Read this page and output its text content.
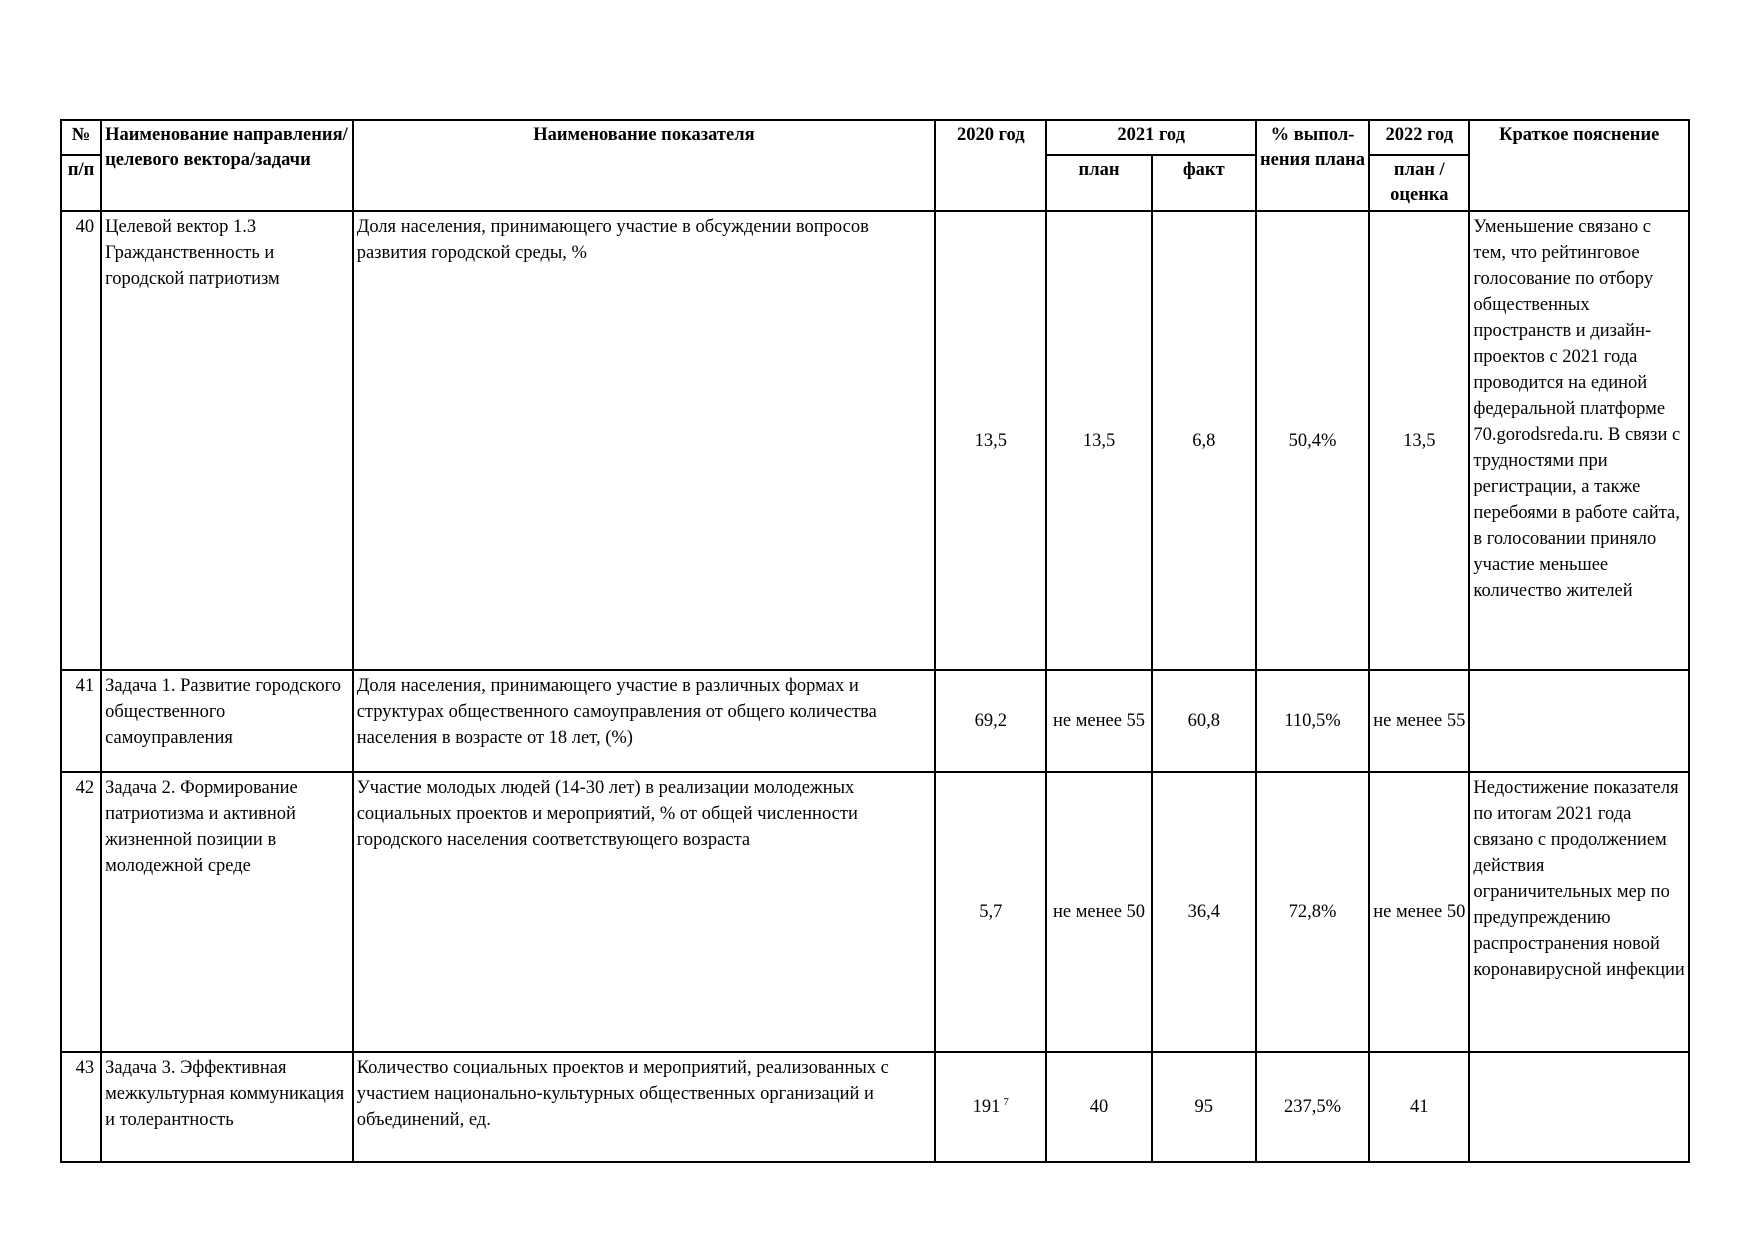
№	Наименование направления/целевого вектора/задачи	Наименование показателя	2020 год	2021 год		% выпол-нения плана	2022 год	Краткое пояснение
п/п				план	факт		план / оценка	
40	Целевой вектор 1.3 Гражданственность и городской патриотизм	Доля населения, принимающего участие в обсуждении вопросов развития городской среды, %	13,5	13,5	6,8	50,4%	13,5	Уменьшение связано с тем, что рейтинговое голосование по отбору общественных пространств и дизайн-проектов с 2021 года проводится на единой федеральной платформе 70.gorodsreda.ru. В связи с трудностями при регистрации, а также перебоями в работе сайта, в голосовании приняло участие меньшее количество жителей
41	Задача 1. Развитие городского общественного самоуправления	Доля населения, принимающего участие в различных формах и структурах общественного самоуправления от общего количества населения в возрасте от 18 лет, (%)	69,2	не менее 55	60,8	110,5%	не менее 55	
42	Задача 2. Формирование патриотизма и активной жизненной позиции в молодежной среде	Участие молодых людей (14-30 лет) в реализации молодежных социальных проектов и мероприятий, % от общей численности городского населения соответствующего возраста	5,7	не менее 50	36,4	72,8%	не менее 50	Недостижение показателя по итогам 2021 года связано с продолжением действия ограничительных мер по предупреждению распространения новой коронавирусной инфекции
43	Задача 3. Эффективная межкультурная коммуникация и толерантность	Количество социальных проектов и мероприятий, реализованных с участием национально-культурных общественных организаций и объединений, ед.	191 $^7$	40	95	237,5%	41	
